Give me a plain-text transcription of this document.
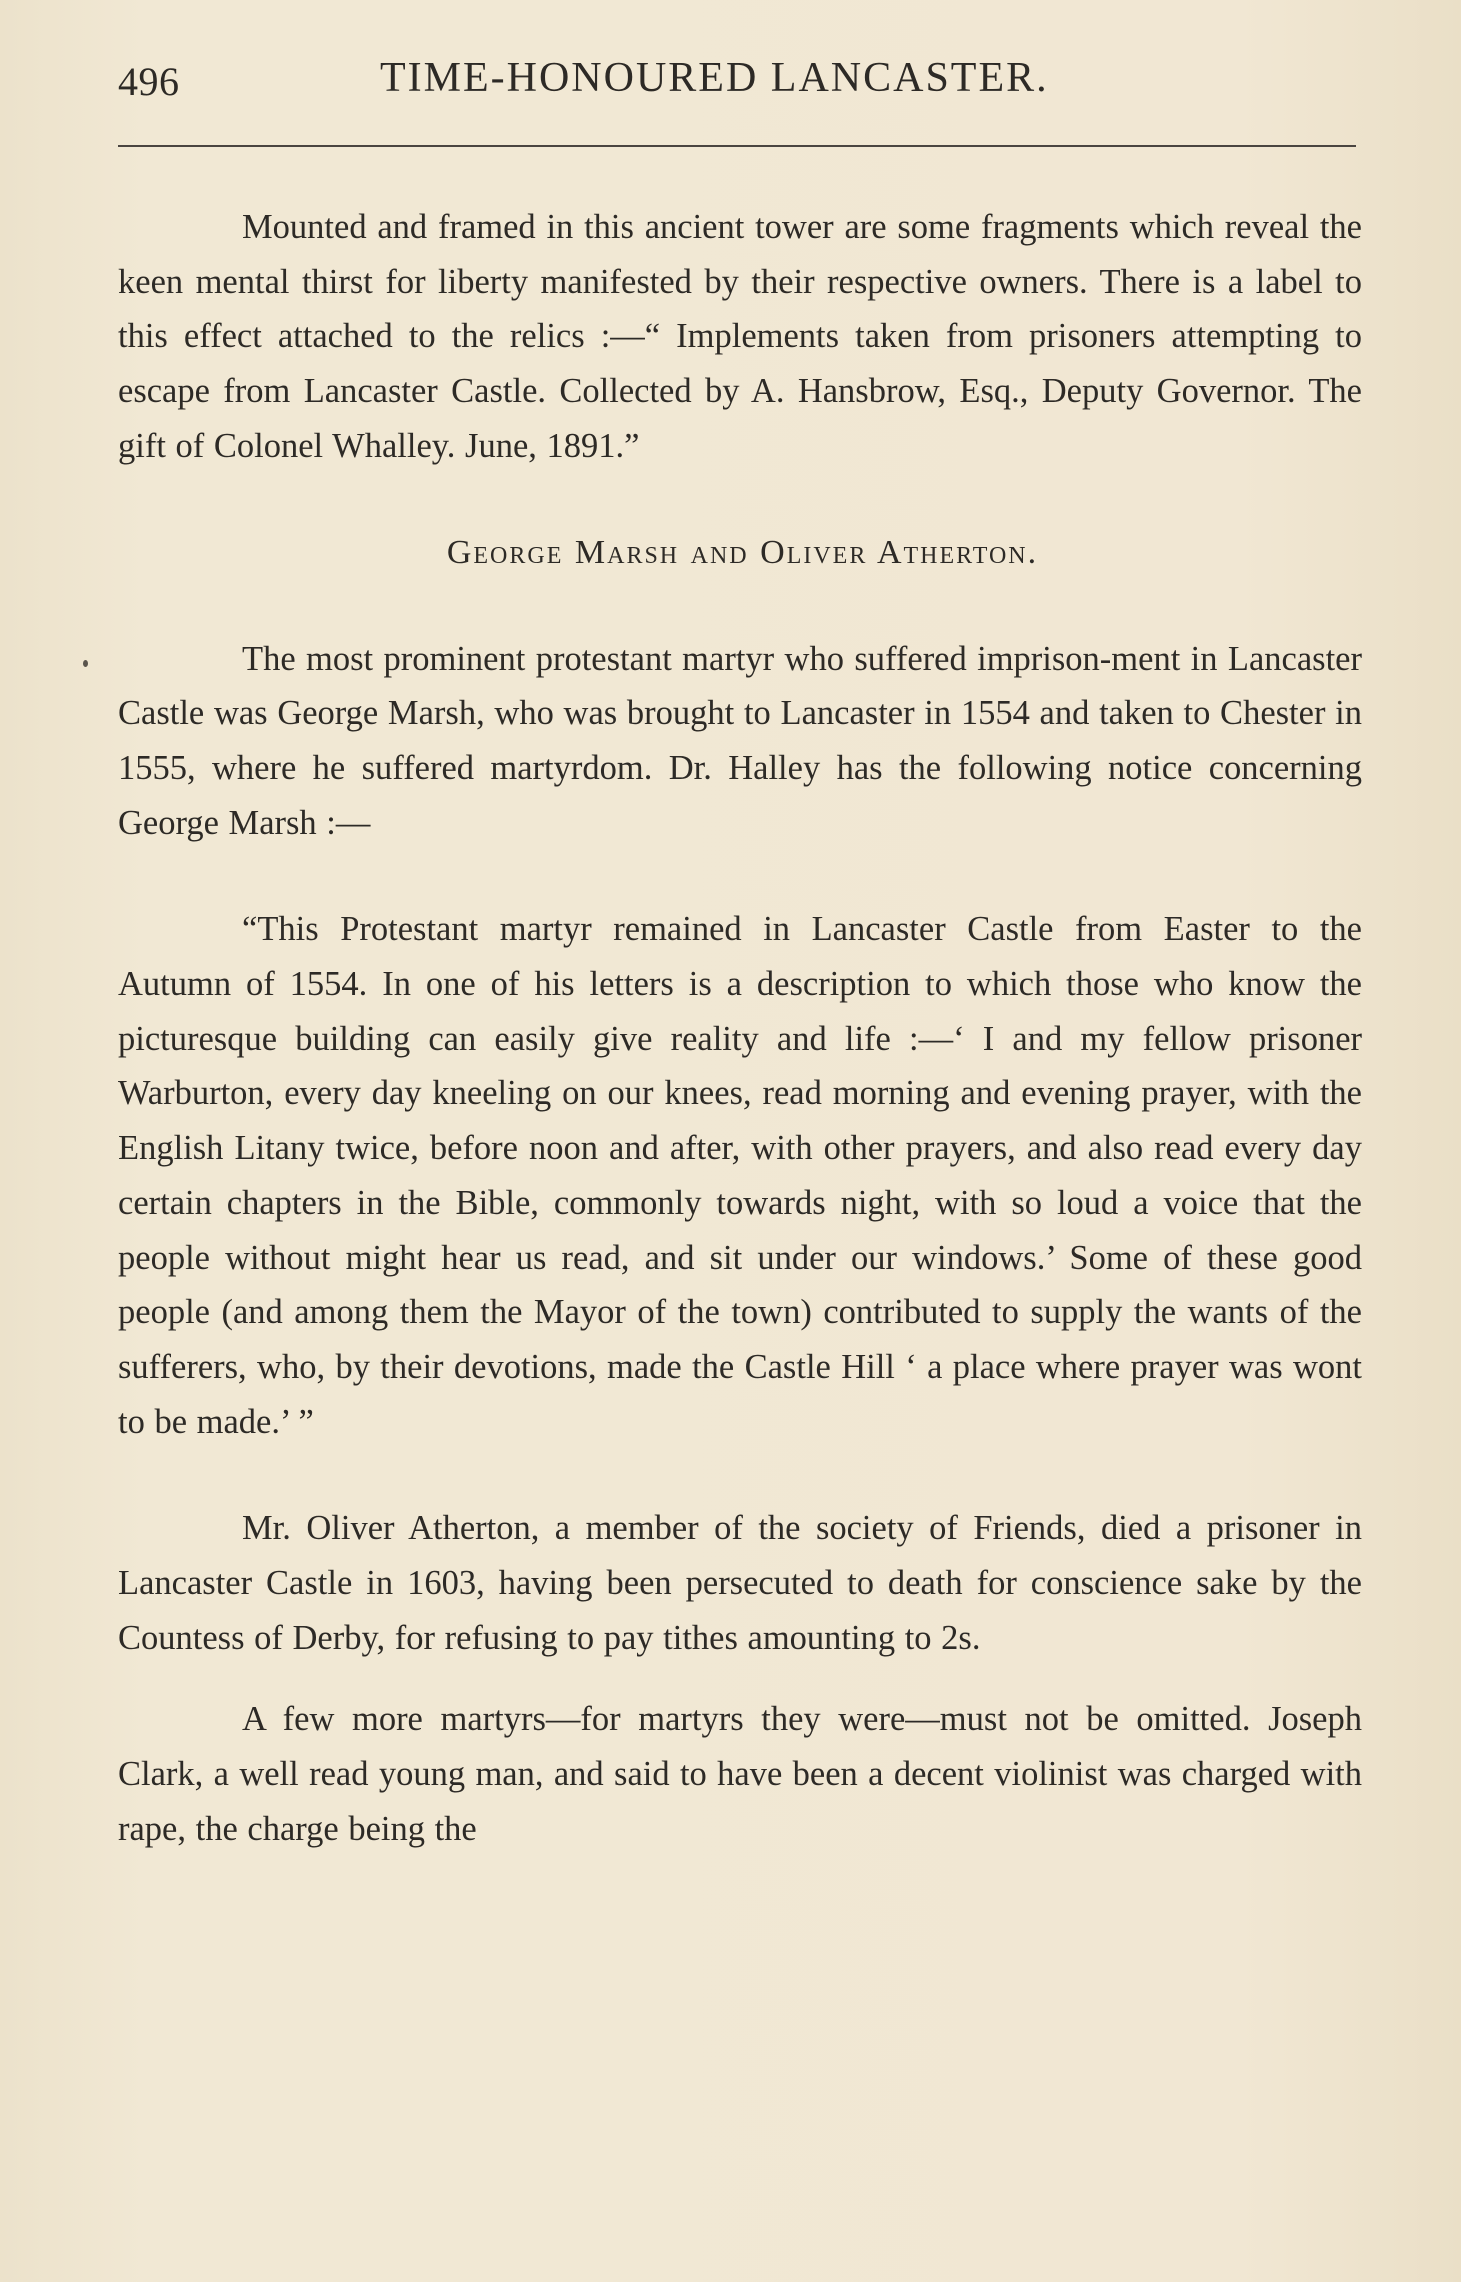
496	TIME-HONOURED LANCASTER.

Mounted and framed in this ancient tower are some fragments which reveal the keen mental thirst for liberty manifested by their respective owners. There is a label to this effect attached to the relics :—“ Implements taken from prisoners attempting to escape from Lancaster Castle. Collected by A. Hansbrow, Esq., Deputy Governor. The gift of Colonel Whalley. June, 1891.”

George Marsh and Oliver Atherton.

The most prominent protestant martyr who suffered imprison-ment in Lancaster Castle was George Marsh, who was brought to Lancaster in 1554 and taken to Chester in 1555, where he suffered martyrdom. Dr. Halley has the following notice concerning George Marsh :—

“This Protestant martyr remained in Lancaster Castle from Easter to the Autumn of 1554. In one of his letters is a description to which those who know the picturesque building can easily give reality and life :—‘ I and my fellow prisoner Warburton, every day kneeling on our knees, read morning and evening prayer, with the English Litany twice, before noon and after, with other prayers, and also read every day certain chapters in the Bible, commonly towards night, with so loud a voice that the people without might hear us read, and sit under our windows.’ Some of these good people (and among them the Mayor of the town) contributed to supply the wants of the sufferers, who, by their devotions, made the Castle Hill ‘ a place where prayer was wont to be made.’ ”

Mr. Oliver Atherton, a member of the society of Friends, died a prisoner in Lancaster Castle in 1603, having been persecuted to death for conscience sake by the Countess of Derby, for refusing to pay tithes amounting to 2s.

A few more martyrs—for martyrs they were—must not be omitted. Joseph Clark, a well read young man, and said to have been a decent violinist was charged with rape, the charge being the
